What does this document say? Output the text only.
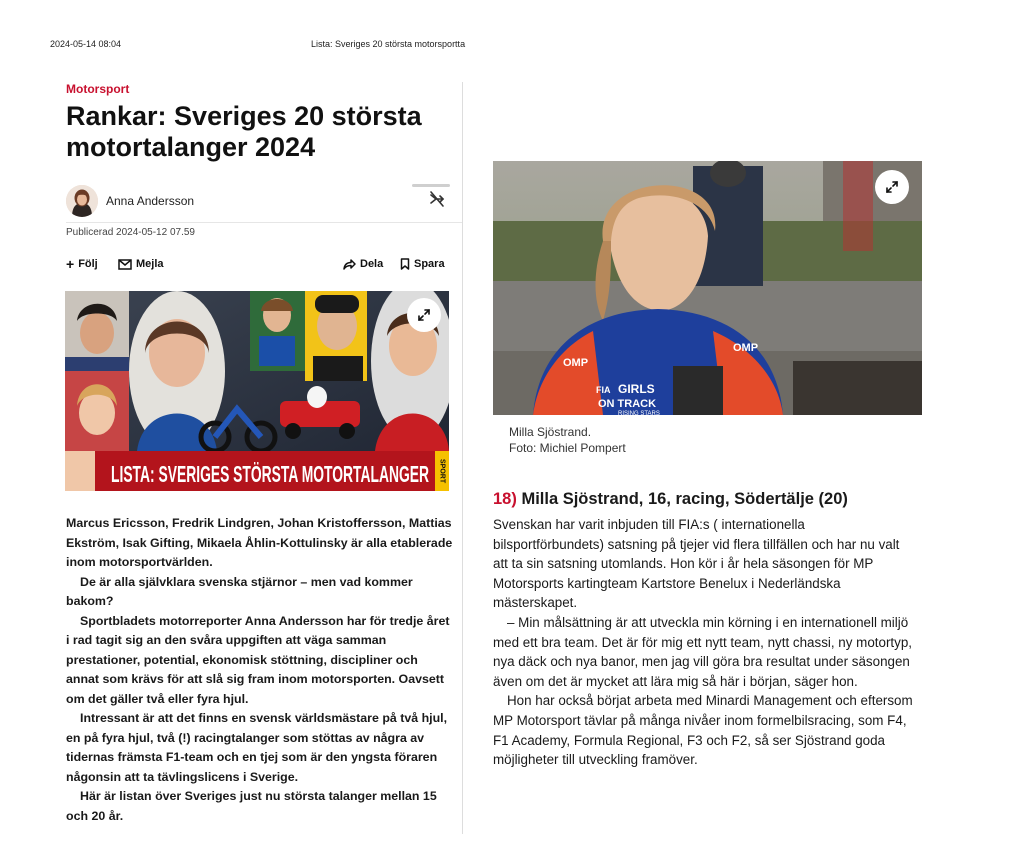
2024-05-14 08:04	Lista: Sveriges 20 största motorsportta
Motorsport
Rankar: Sveriges 20 största motortalanger 2024
Anna Andersson
Publicerad 2024-05-12 07.59
+ Följ	Mejla	Dela	Spara
LISTA: SVERIGES STÖRSTA MOTORTALANGER SPORT

Marcus Ericsson, Fredrik Lindgren, Johan Kristoffersson, Mattias Ekström, Isak Gifting, Mikaela Åhlin-Kottulinsky är alla etablerade inom motorsportvärlden.

De är alla självklara svenska stjärnor – men vad kommer bakom?

Sportbladets motorreporter Anna Andersson har för tredje året i rad tagit sig an den svåra uppgiften att väga samman prestationer, potential, ekonomisk stöttning, discipliner och annat som krävs för att slå sig fram inom motorsporten. Oavsett om det gäller två eller fyra hjul.

Intressant är att det finns en svensk världsmästare på två hjul, en på fyra hjul, två (!) racingtalanger som stöttas av några av tidernas främsta F1-team och en tjej som är den yngsta föraren någonsin att ta tävlingslicens i Sverige.

Här är listan över Sveriges just nu största talanger mellan 15 och 20 år.

OMP
OMP
FIA GIRLS
ON TRACK
RISING STARS
Milla Sjöstrand.
Foto: Michiel Pompert
18) Milla Sjöstrand, 16, racing, Södertälje (20)

Svenskan har varit inbjuden till FIA:s ( internationella bilsportförbundets) satsning på tjejer vid flera tillfällen och har nu valt att ta sin satsning utomlands. Hon kör i år hela säsongen för MP Motorsports kartingteam Kartstore Benelux i Nederländska mästerskapet.

– Min målsättning är att utveckla min körning i en internationell miljö med ett bra team. Det är för mig ett nytt team, nytt chassi, ny motortyp, nya däck och nya banor, men jag vill göra bra resultat under säsongen även om det är mycket att lära mig så här i början, säger hon.

Hon har också börjat arbeta med Minardi Management och eftersom MP Motorsport tävlar på många nivåer inom formelbilsracing, som F4, F1 Academy, Formula Regional, F3 och F2, så ser Sjöstrand goda möjligheter till utveckling framöver.
